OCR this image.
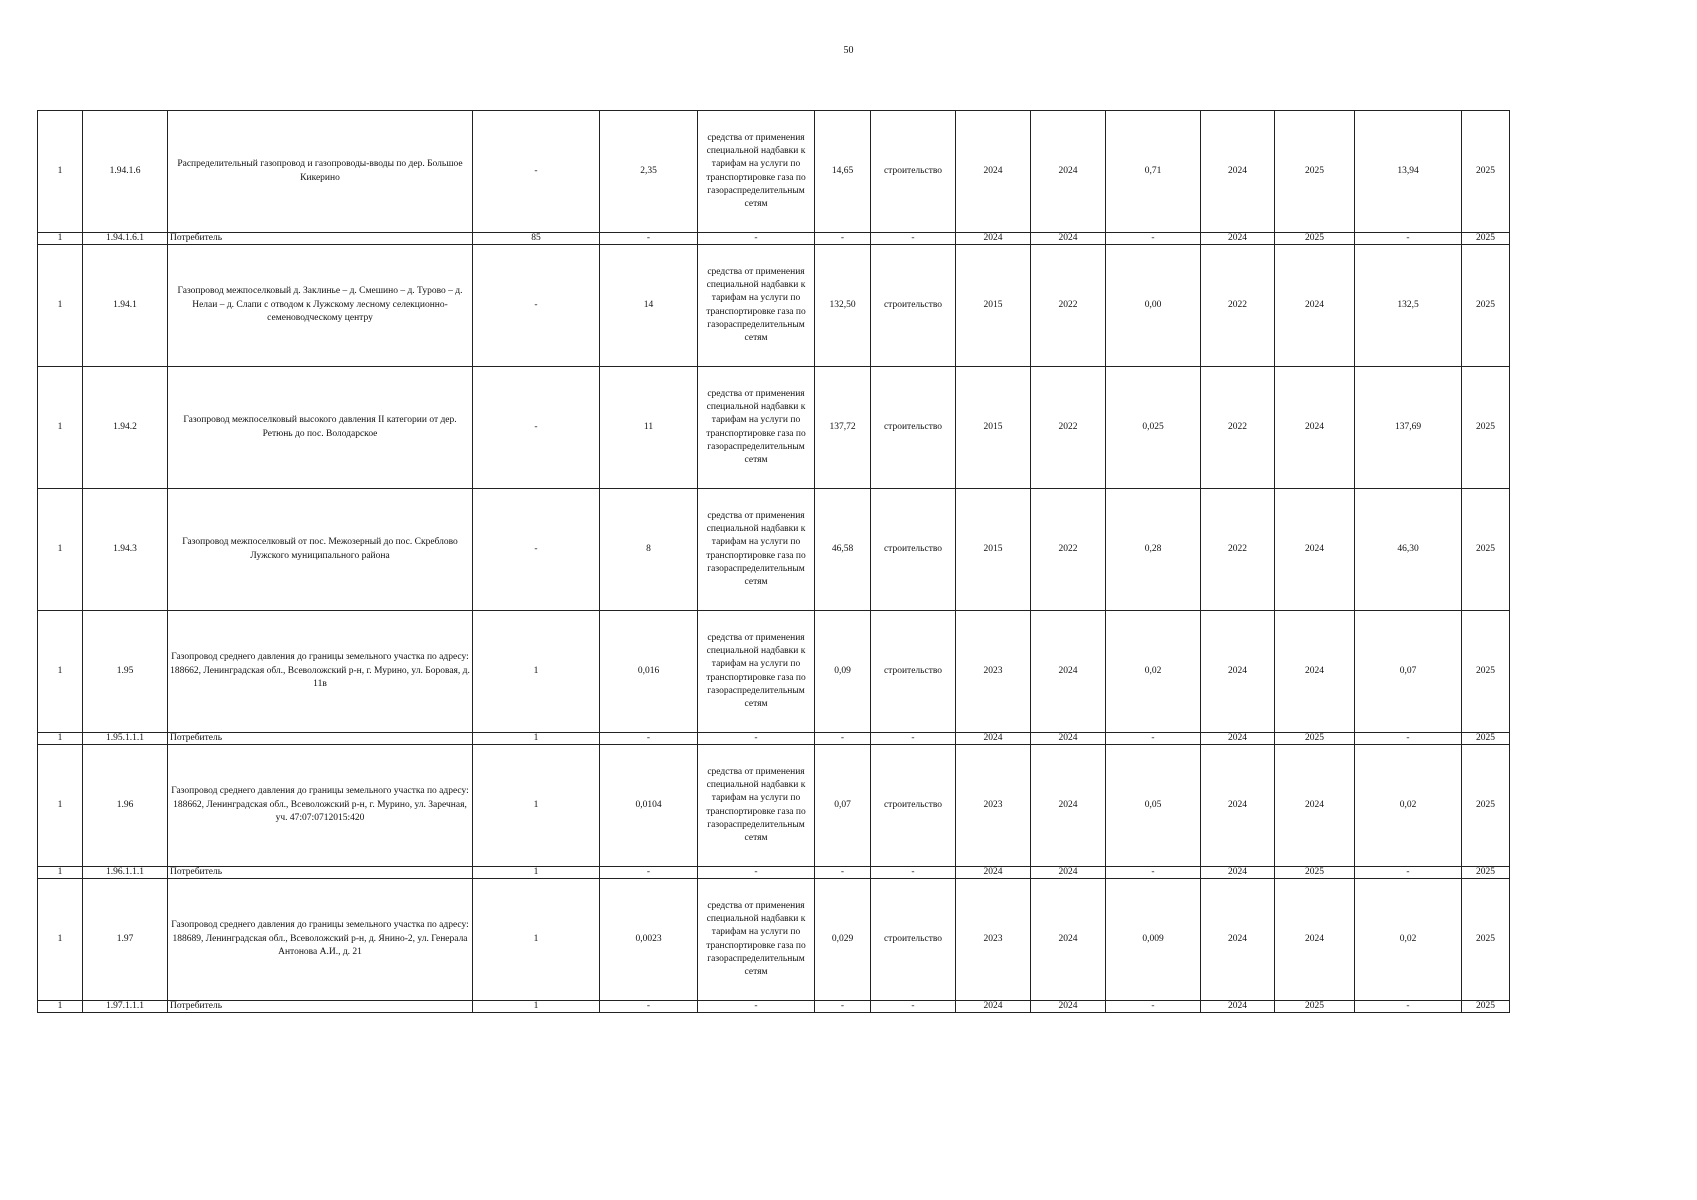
50
1	1.94.1.6	Распределительный газопровод и газопроводы-вводы по дер. Большое Кикерино	-	2,35	средства от применения специальной надбавки к тарифам на услуги по транспортировке газа по газораспределительным сетям	14,65	строительство	2024	2024	0,71	2024	2025	13,94	2025
1	1.94.1.6.1	Потребитель	85	-	-	-	-	2024	2024	-	2024	2025	-	2025
1	1.94.1	Газопровод межпоселковый д. Заклинье – д. Смешино – д. Турово – д. Нелаи – д. Слапи с отводом к Лужскому лесному селекционно-семеноводческому центру	-	14	средства от применения специальной надбавки к тарифам на услуги по транспортировке газа по газораспределительным сетям	132,50	строительство	2015	2022	0,00	2022	2024	132,5	2025
1	1.94.2	Газопровод межпоселковый высокого давления II категории от дер. Ретюнь до пос. Володарское	-	11	средства от применения специальной надбавки к тарифам на услуги по транспортировке газа по газораспределительным сетям	137,72	строительство	2015	2022	0,025	2022	2024	137,69	2025
1	1.94.3	Газопровод межпоселковый от пос. Межозерный до пос. Скреблово Лужского муниципального района	-	8	средства от применения специальной надбавки к тарифам на услуги по транспортировке газа по газораспределительным сетям	46,58	строительство	2015	2022	0,28	2022	2024	46,30	2025
1	1.95	Газопровод среднего давления до границы земельного участка по адресу: 188662, Ленинградская обл., Всеволожский р-н, г. Мурино, ул. Боровая, д. 11в	1	0,016	средства от применения специальной надбавки к тарифам на услуги по транспортировке газа по газораспределительным сетям	0,09	строительство	2023	2024	0,02	2024	2024	0,07	2025
1	1.95.1.1.1	Потребитель	1	-	-	-	-	2024	2024	-	2024	2025	-	2025
1	1.96	Газопровод среднего давления до границы земельного участка по адресу: 188662, Ленинградская обл., Всеволожский р-н, г. Мурино, ул. Заречная, уч. 47:07:0712015:420	1	0,0104	средства от применения специальной надбавки к тарифам на услуги по транспортировке газа по газораспределительным сетям	0,07	строительство	2023	2024	0,05	2024	2024	0,02	2025
1	1.96.1.1.1	Потребитель	1	-	-	-	-	2024	2024	-	2024	2025	-	2025
1	1.97	Газопровод среднего давления до границы земельного участка по адресу: 188689, Ленинградская обл., Всеволожский р-н, д. Янино-2, ул. Генерала Антонова А.И., д. 21	1	0,0023	средства от применения специальной надбавки к тарифам на услуги по транспортировке газа по газораспределительным сетям	0,029	строительство	2023	2024	0,009	2024	2024	0,02	2025
1	1.97.1.1.1	Потребитель	1	-	-	-	-	2024	2024	-	2024	2025	-	2025
